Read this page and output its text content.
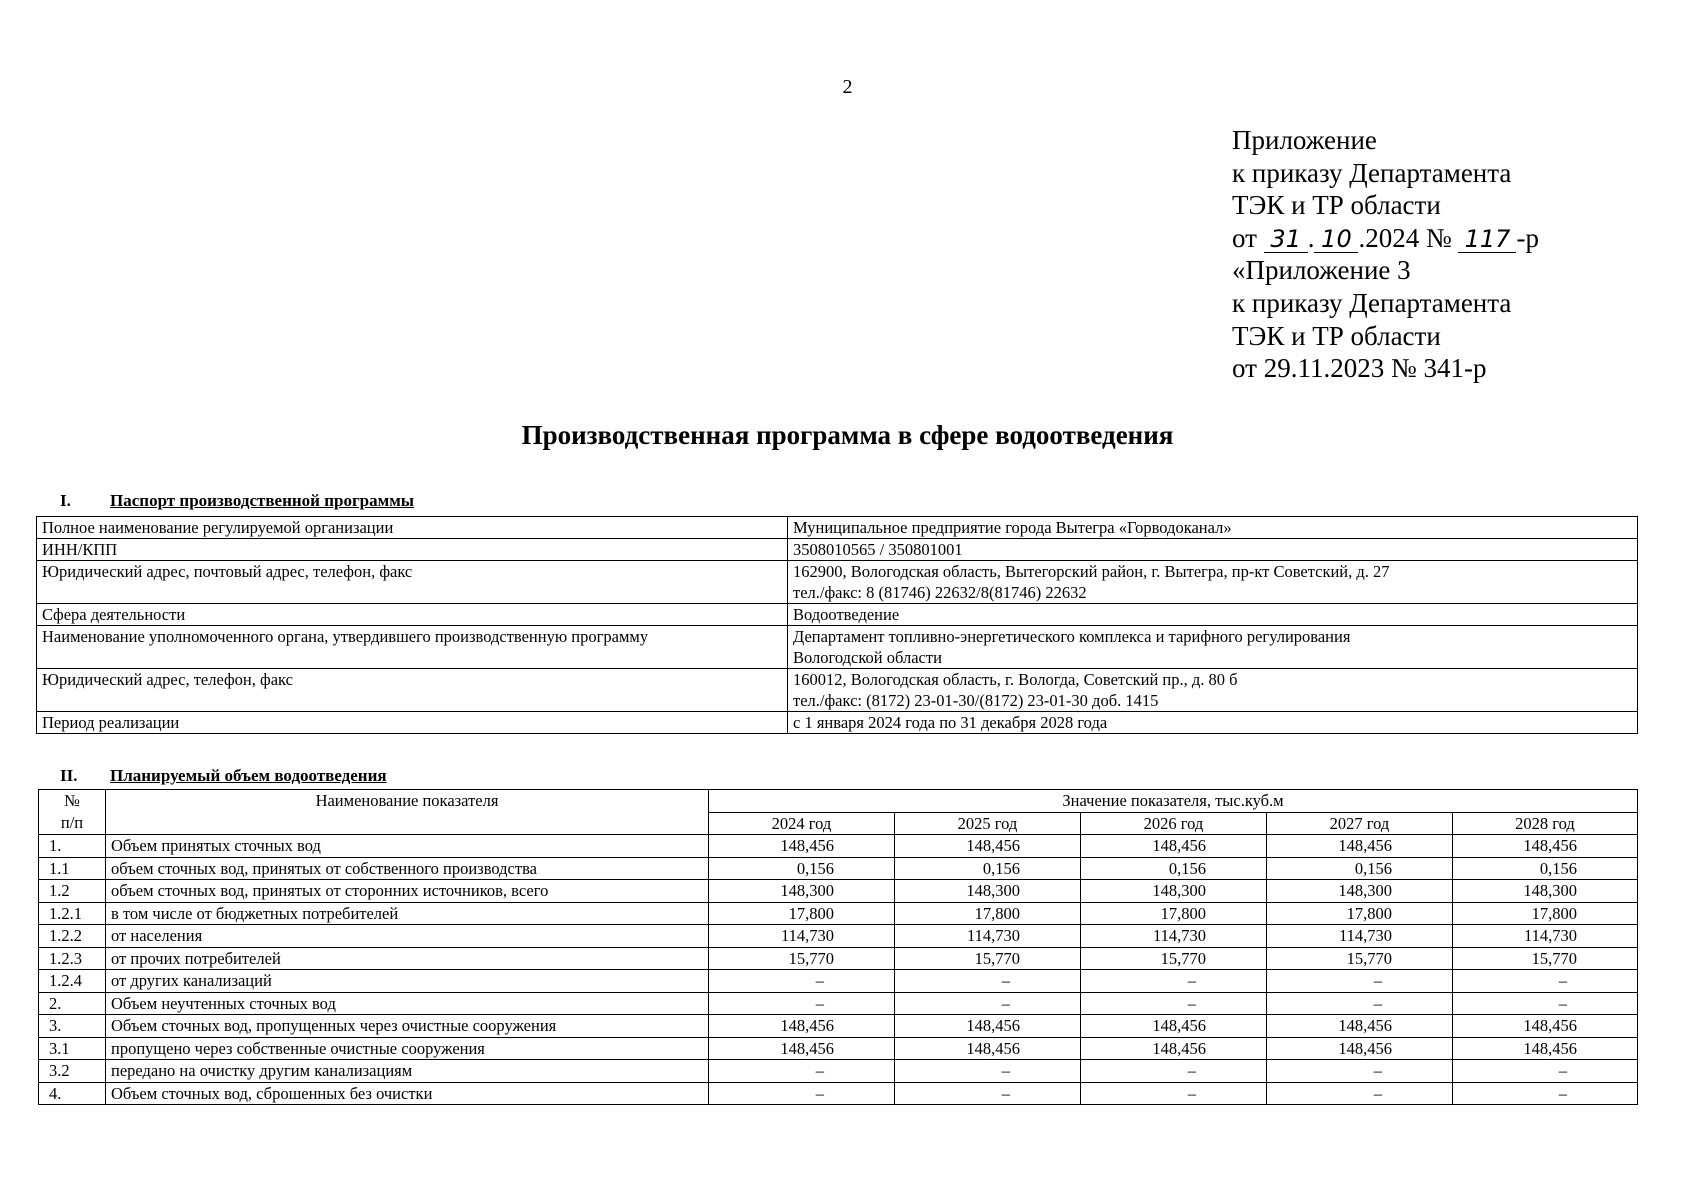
2
Приложение
к приказу Департамента
ТЭК и ТР области
от 31 . 10 .2024 № 117 -р
«Приложение 3
к приказу Департамента
ТЭК и ТР области
от 29.11.2023 № 341-р
Производственная программа в сфере водоотведения
I. Паспорт производственной программы
Полное наименование регулируемой организации	Муниципальное предприятие города Вытегра «Горводоканал»
ИНН/КПП	3508010565 / 350801001
Юридический адрес, почтовый адрес, телефон, факс	162900, Вологодская область, Вытегорский район, г. Вытегра, пр-кт Советский, д. 27
тел./факс: 8 (81746) 22632/8(81746) 22632

Сфера деятельности	Водоотведение
Наименование уполномоченного органа, утвердившего производственную программу	Департамент топливно-энергетического комплекса и тарифного регулирования
Вологодской области

Юридический адрес, телефон, факс	160012, Вологодская область, г. Вологда, Советский пр., д. 80 б
тел./факс: (8172) 23-01-30/(8172) 23-01-30 доб. 1415

Период реализации	с 1 января 2024 года по 31 декабря 2028 года
II. Планируемый объем водоотведения
№
п/п	Наименование показателя	Значение показателя, тыс.куб.м				
		2024 год	2025 год	2026 год	2027 год	2028 год
1.	Объем принятых сточных вод	148,456	148,456	148,456	148,456	148,456
1.1	объем сточных вод, принятых от собственного производства	0,156	0,156	0,156	0,156	0,156
1.2	объем сточных вод, принятых от сторонних источников, всего	148,300	148,300	148,300	148,300	148,300
1.2.1	в том числе от бюджетных потребителей	17,800	17,800	17,800	17,800	17,800
1.2.2	от населения	114,730	114,730	114,730	114,730	114,730
1.2.3	от прочих потребителей	15,770	15,770	15,770	15,770	15,770
1.2.4	от других канализаций	–	–	–	–	–
2.	Объем неучтенных сточных вод	–	–	–	–	–
3.	Объем сточных вод, пропущенных через очистные сооружения	148,456	148,456	148,456	148,456	148,456
3.1	пропущено через собственные очистные сооружения	148,456	148,456	148,456	148,456	148,456
3.2	передано на очистку другим канализациям	–	–	–	–	–
4.	Объем сточных вод, сброшенных без очистки	–	–	–	–	–
